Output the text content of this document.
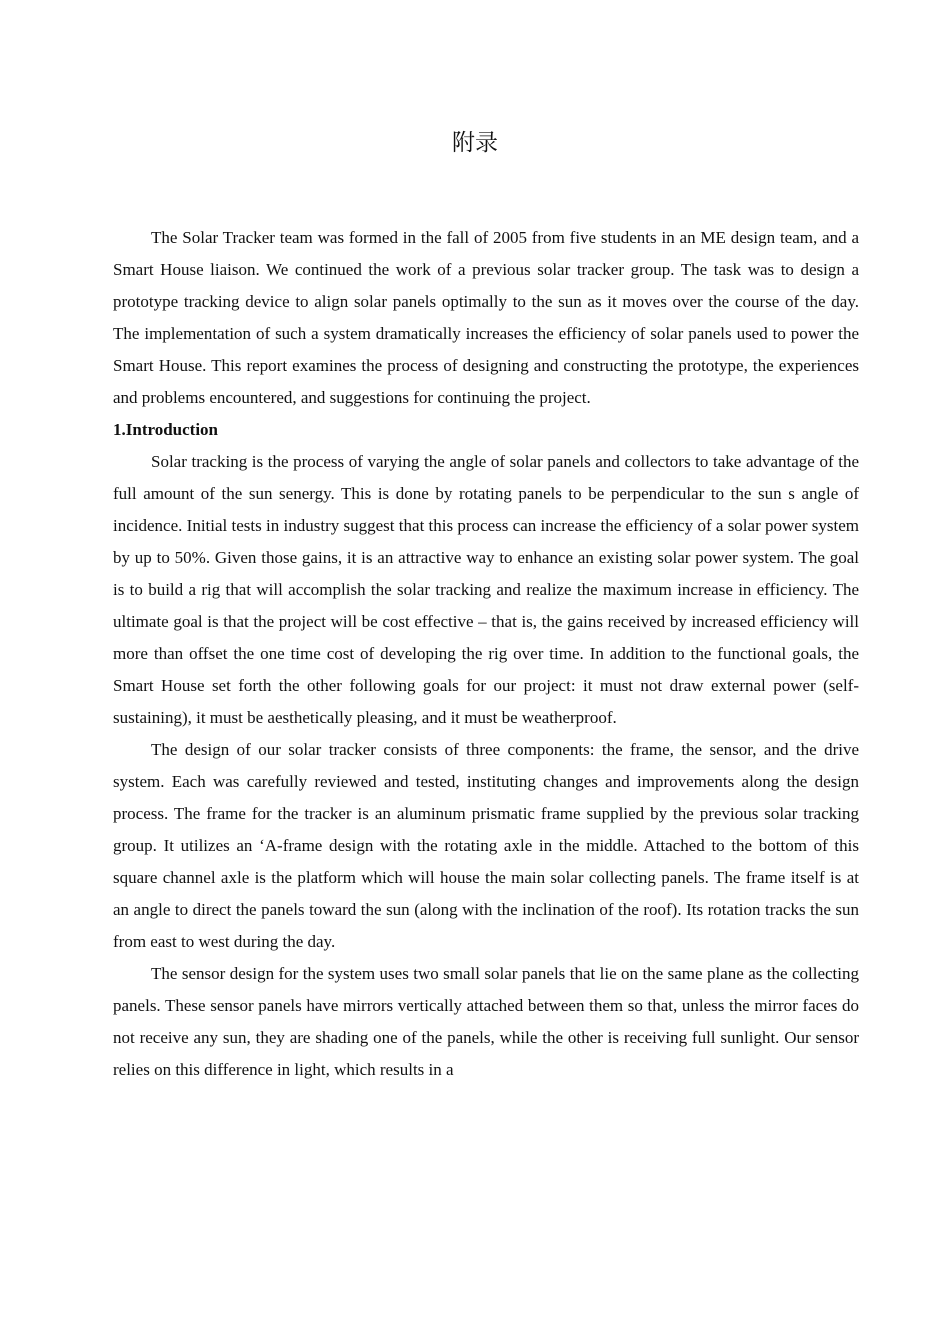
附录

The Solar Tracker team was formed in the fall of 2005 from five students in an ME design team, and a Smart House liaison. We continued the work of a previous solar tracker group. The task was to design a prototype tracking device to align solar panels optimally to the sun as it moves over the course of the day. The implementation of such a system dramatically increases the efficiency of solar panels used to power the Smart House. This report examines the process of designing and constructing the prototype, the experiences and problems encountered, and suggestions for continuing the project.

1.Introduction

Solar tracking is the process of varying the angle of solar panels and collectors to take advantage of the full amount of the sun senergy. This is done by rotating panels to be perpendicular to the sun s angle of incidence. Initial tests in industry suggest that this process can increase the efficiency of a solar power system by up to 50%. Given those gains, it is an attractive way to enhance an existing solar power system. The goal is to build a rig that will accomplish the solar tracking and realize the maximum increase in efficiency. The ultimate goal is that the project will be cost effective – that is, the gains received by increased efficiency will more than offset the one time cost of developing the rig over time. In addition to the functional goals, the Smart House set forth the other following goals for our project: it must not draw external power (self-sustaining), it must be aesthetically pleasing, and it must be weatherproof.

The design of our solar tracker consists of three components: the frame, the sensor, and the drive system. Each was carefully reviewed and tested, instituting changes and improvements along the design process. The frame for the tracker is an aluminum prismatic frame supplied by the previous solar tracking group. It utilizes an ‘A-frame design with the rotating axle in the middle. Attached to the bottom of this square channel axle is the platform which will house the main solar collecting panels. The frame itself is at an angle to direct the panels toward the sun (along with the inclination of the roof). Its rotation tracks the sun from east to west during the day.

The sensor design for the system uses two small solar panels that lie on the same plane as the collecting panels. These sensor panels have mirrors vertically attached between them so that, unless the mirror faces do not receive any sun, they are shading one of the panels, while the other is receiving full sunlight. Our sensor relies on this difference in light, which results in a
